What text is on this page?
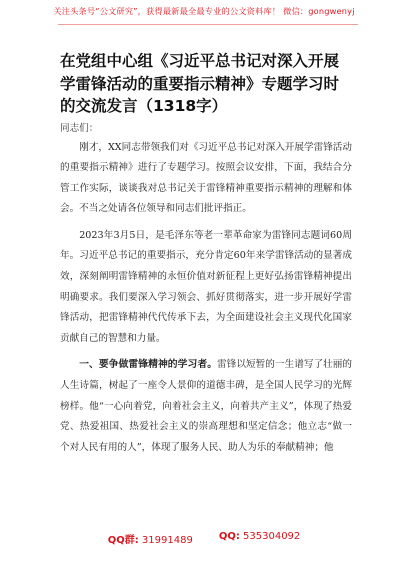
关注头条号“公文研究”，获得最新最全最专业的公文资料库！ 微信：gongwenyj
在党组中心组《习近平总书记对深入开展学雷锋活动的重要指示精神》专题学习时的交流发言（1318字）

同志们：

刚才，XX同志带领我们对《习近平总书记对深入开展学雷锋活动的重要指示精神》进行了专题学习。按照会议安排，下面，我结合分管工作实际，谈谈我对总书记关于雷锋精神重要指示精神的理解和体会。不当之处请各位领导和同志们批评指正。

2023年3月5日，是毛泽东等老一辈革命家为雷锋同志题词60周年。习近平总书记的重要指示，充分肯定60年来学雷锋活动的显著成效，深刻阐明雷锋精神的永恒价值对新征程上更好弘扬雷锋精神提出明确要求。我们要深入学习领会、抓好贯彻落实，进一步开展好学雷锋活动，把雷锋精神代代传承下去，为全面建设社会主义现代化国家贡献自己的智慧和力量。

一、要争做雷锋精神的学习者。雷锋以短暂的一生谱写了壮丽的人生诗篇，树起了一座令人景仰的道德丰碑，是全国人民学习的光辉榜样。他“一心向着党，向着社会主义，向着共产主义”，体现了热爱党、热爱祖国、热爱社会主义的崇高理想和坚定信念；他立志“做一个对人民有用的人”，体现了服务人民、助人为乐的奉献精神；他

QQ群: 31991489	QQ: 535304092
